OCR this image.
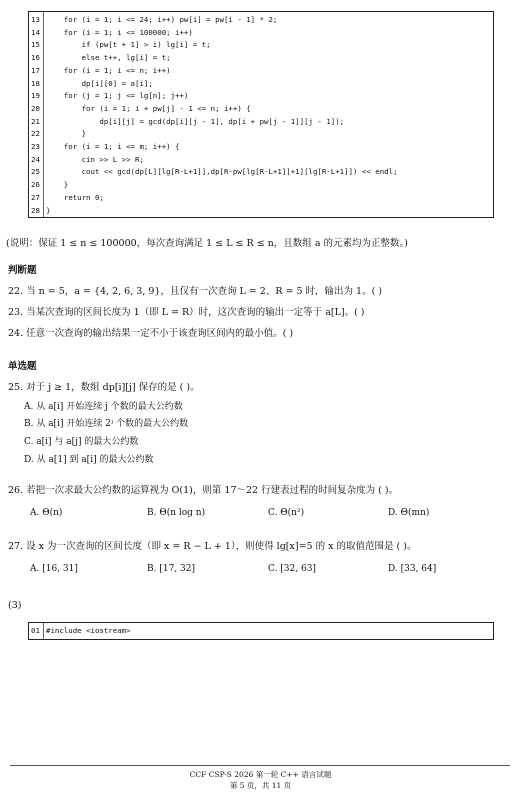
13 for (i = 1; i <= 24; i++) pw[i] = pw[i - 1] * 2;
14 for (i = 1; i <= 100000; i++)
15 if (pw[t + 1] > i) lg[i] = t;
16 else t++, lg[i] = t;
17 for (i = 1; i <= n; i++)
18 dp[i][0] = a[i];
19 for (j = 1; j <= lg[n]; j++)
20 for (i = 1; i + pw[j] - 1 <= n; i++) {
21 dp[i][j] = gcd(dp[i][j - 1], dp[i + pw[j - 1]][j - 1]);
22 }
23 for (i = 1; i <= m; i++) {
24 cin >> L >> R;
25 cout << gcd(dp[L][lg[R-L+1]],dp[R-pw[lg[R-L+1]]+1][lg[R-L+1]]) << endl;
26 }
27 return 0;
28 }
(说明：保证 1 ≤ n ≤ 100000，每次查询满足 1 ≤ L ≤ R ≤ n，且数组 a 的元素均为正整数。)
判断题
22. 当 n = 5，a = {4, 2, 6, 3, 9}，且仅有一次查询 L = 2、R = 5 时，输出为 1。( )
23. 当某次查询的区间长度为 1（即 L = R）时，这次查询的输出一定等于 a[L]。( )
24. 任意一次查询的输出结果一定不小于该查询区间内的最小值。( )
单选题
25. 对于 j ≥ 1，数组 dp[i][j] 保存的是 ( )。
A. 从 a[i] 开始连续 j 个数的最大公约数
B. 从 a[i] 开始连续 2ʲ 个数的最大公约数
C. a[i] 与 a[j] 的最大公约数
D. 从 a[1] 到 a[i] 的最大公约数
26. 若把一次求最大公约数的运算视为 O(1)，则第 17～22 行建表过程的时间复杂度为 ( )。
A. Θ(n)	B. Θ(n log n)	C. Θ(n²)	D. Θ(mn)
27. 设 x 为一次查询的区间长度（即 x = R − L + 1），则使得 lg[x]=5 的 x 的取值范围是 ( )。
A. [16, 31]	B. [17, 32]	C. [32, 63]	D. [33, 64]
(3)
01 #include <iostream>
CCF CSP-S 2026 第一轮 C++ 语言试题
第 5 页，共 11 页
